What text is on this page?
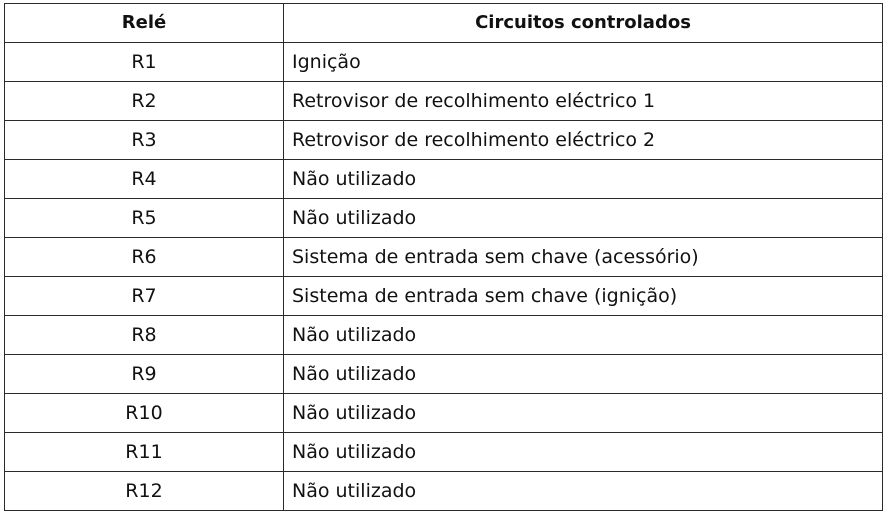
Relé	Circuitos controlados
R1	Ignição
R2	Retrovisor de recolhimento eléctrico 1
R3	Retrovisor de recolhimento eléctrico 2
R4	Não utilizado
R5	Não utilizado
R6	Sistema de entrada sem chave (acessório)
R7	Sistema de entrada sem chave (ignição)
R8	Não utilizado
R9	Não utilizado
R10	Não utilizado
R11	Não utilizado
R12	Não utilizado
